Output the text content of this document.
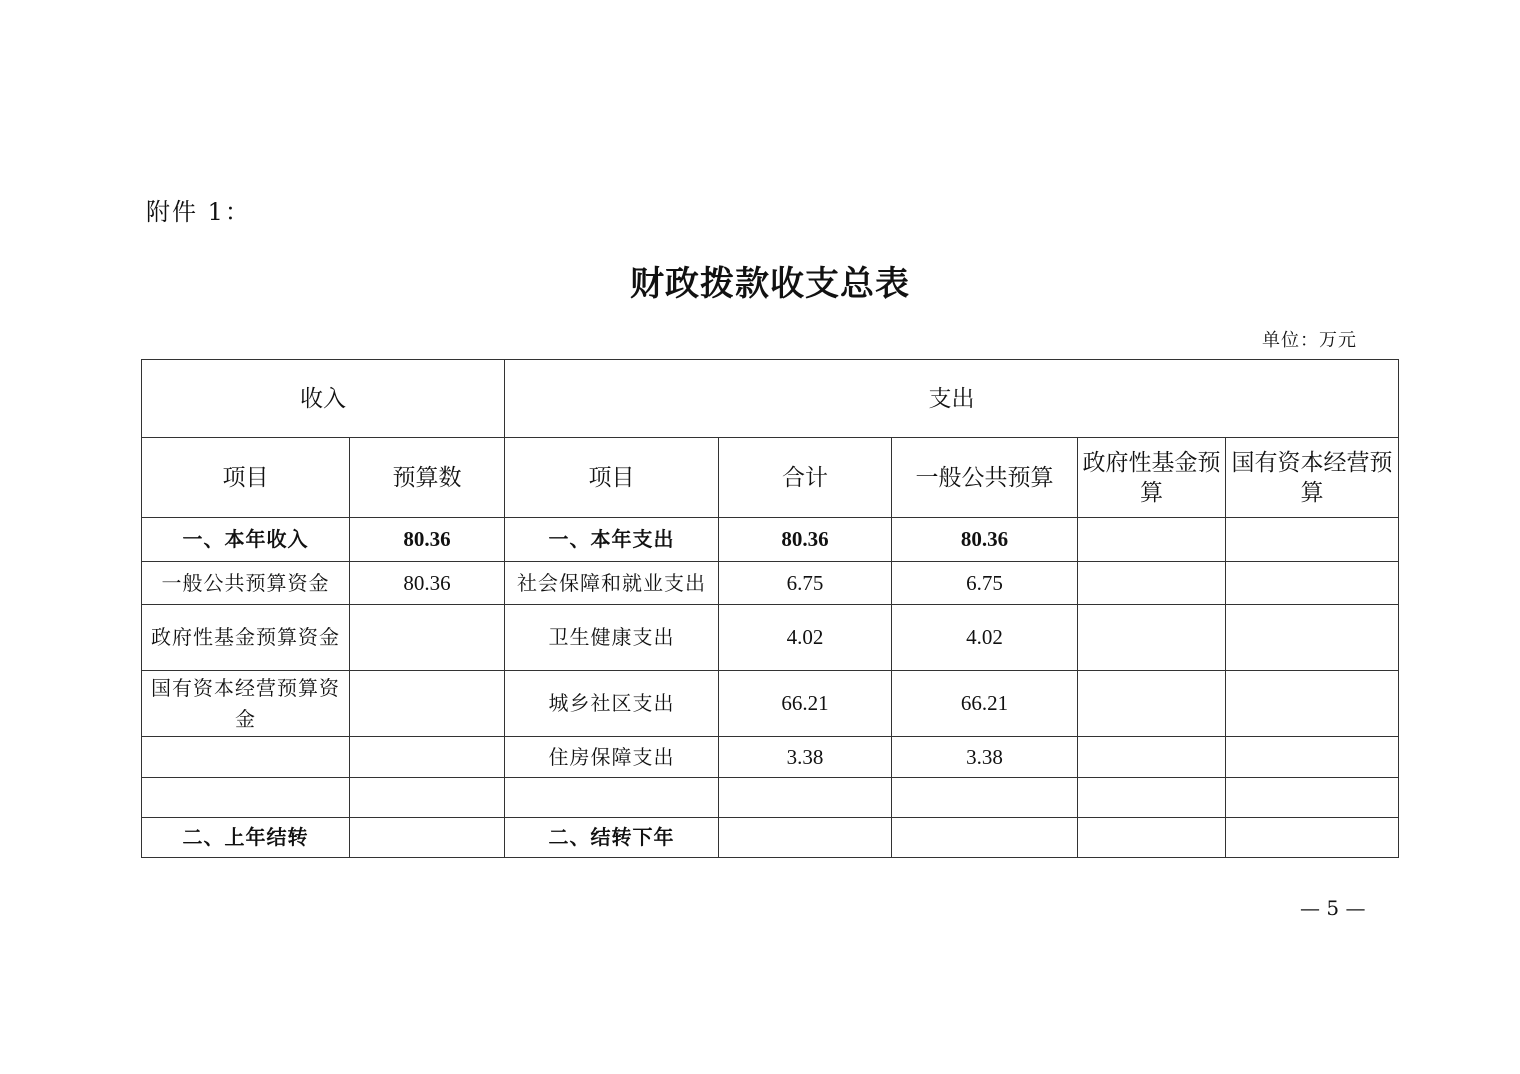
附件 1：
财政拨款收支总表
单位：万元
收入		支出				
项目	预算数	项目	合计	一般公共预算	政府性基金预算	国有资本经营预算
一、本年收入	80.36	一、本年支出	80.36	80.36		
一般公共预算资金	80.36	社会保障和就业支出	6.75	6.75		
政府性基金预算资金		卫生健康支出	4.02	4.02		
国有资本经营预算资金		城乡社区支出	66.21	66.21		
		住房保障支出	3.38	3.38		

二、上年结转		二、结转下年				
— 5 —
